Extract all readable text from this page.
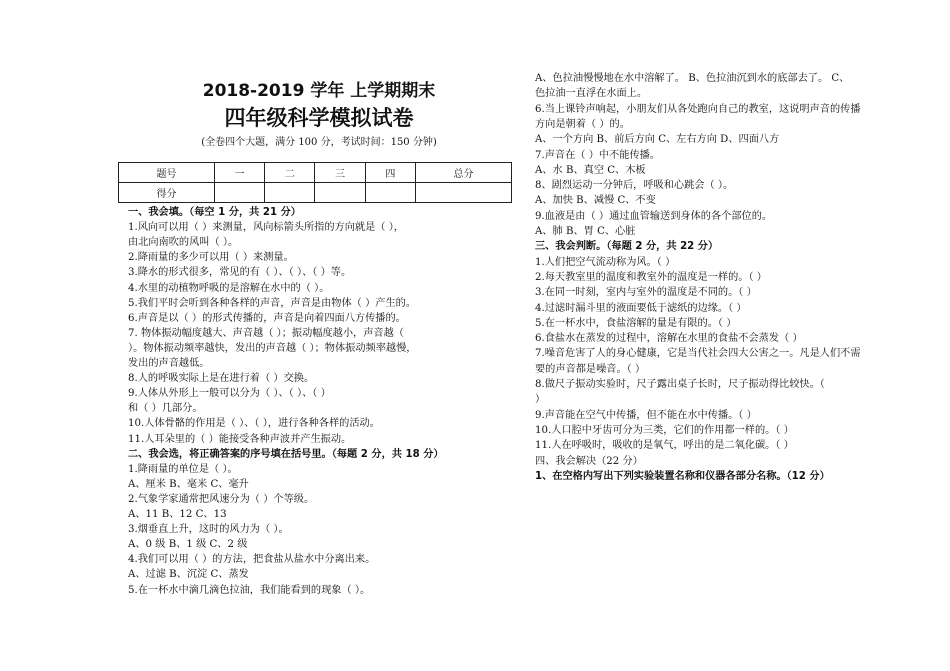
2018-2019 学年 上学期期末
四年级科学模拟试卷
(全卷四个大题，满分 100 分，考试时间：150 分钟)
题号	一	二	三	四	总分
得分					
一、我会填。（每空 1 分，共 21 分）
1.风向可以用（ ）来测量，风向标箭头所指的方向就是（ ），
由北向南吹的风叫（ ）。
2.降雨量的多少可以用（ ）来测量。
3.降水的形式很多，常见的有（ ）、（ ）、（ ）等。
4.水里的动植物呼吸的是溶解在水中的（ ）。
5.我们平时会听到各种各样的声音，声音是由物体（ ）产生的。
6.声音是以（ ）的形式传播的，声音是向着四面八方传播的。
7. 物体振动幅度越大、声音越（ ）；振动幅度越小，声音越（
）。物体振动频率越快，发出的声音越（ ）；物体振动频率越慢，
发出的声音越低。
8.人的呼吸实际上是在进行着（ ）交换。
9.人体从外形上一般可以分为（ ）、（ ）、（ ）
和（ ）几部分。
10.人体骨骼的作用是（ ）、（ ），进行各种各样的活动。
11.人耳朵里的（ ）能接受各种声波并产生振动。
二、我会选，将正确答案的序号填在括号里。（每题 2 分，共 18 分）
1.降雨量的单位是（ ）。
A、厘米 B、毫米 C、毫升
2.气象学家通常把风速分为（ ）个等级。
A、11 B、12 C、13
3.烟垂直上升，这时的风力为（ ）。
A、0 级 B、1 级 C、2 级
4.我们可以用（ ）的方法，把食盐从盐水中分离出来。
A、过滤 B、沉淀 C、蒸发
5.在一杯水中滴几滴色拉油，我们能看到的现象（ ）。
A、色拉油慢慢地在水中溶解了。 B、色拉油沉到水的底部去了。 C、
色拉油一直浮在水面上。
6.当上课铃声响起，小朋友们从各处跑向自己的教室，这说明声音的传播
方向是朝着（ ）的。
A、一个方向 B、前后方向 C、左右方向 D、四面八方
7.声音在（ ）中不能传播。
A、水 B、真空 C、木板
8、剧烈运动一分钟后，呼吸和心跳会（ ）。
A、加快 B、减慢 C、不变
9.血液是由（ ）通过血管输送到身体的各个部位的。
A、肺 B、胃 C、心脏
三、我会判断。（每题 2 分，共 22 分）
1.人们把空气流动称为风。（ ）
2.每天教室里的温度和教室外的温度是一样的。（ ）
3.在同一时刻，室内与室外的温度是不同的。（ ）
4.过滤时漏斗里的液面要低于滤纸的边缘。（ ）
5.在一杯水中，食盐溶解的量是有限的。（ ）
6.食盐水在蒸发的过程中，溶解在水里的食盐不会蒸发（ ）
7.噪音危害了人的身心健康，它是当代社会四大公害之一。凡是人们不需
要的声音都是噪音。（ ）
8.做尺子振动实验时，尺子露出桌子长时，尺子振动得比较快。（
）
9.声音能在空气中传播，但不能在水中传播。（ ）
10.人口腔中牙齿可分为三类，它们的作用都一样的。（ ）
11.人在呼吸时，吸收的是氧气，呼出的是二氧化碳。（ ）
四、我会解决（22 分）
1、在空格内写出下列实验装置名称和仪器各部分名称。（12 分）
